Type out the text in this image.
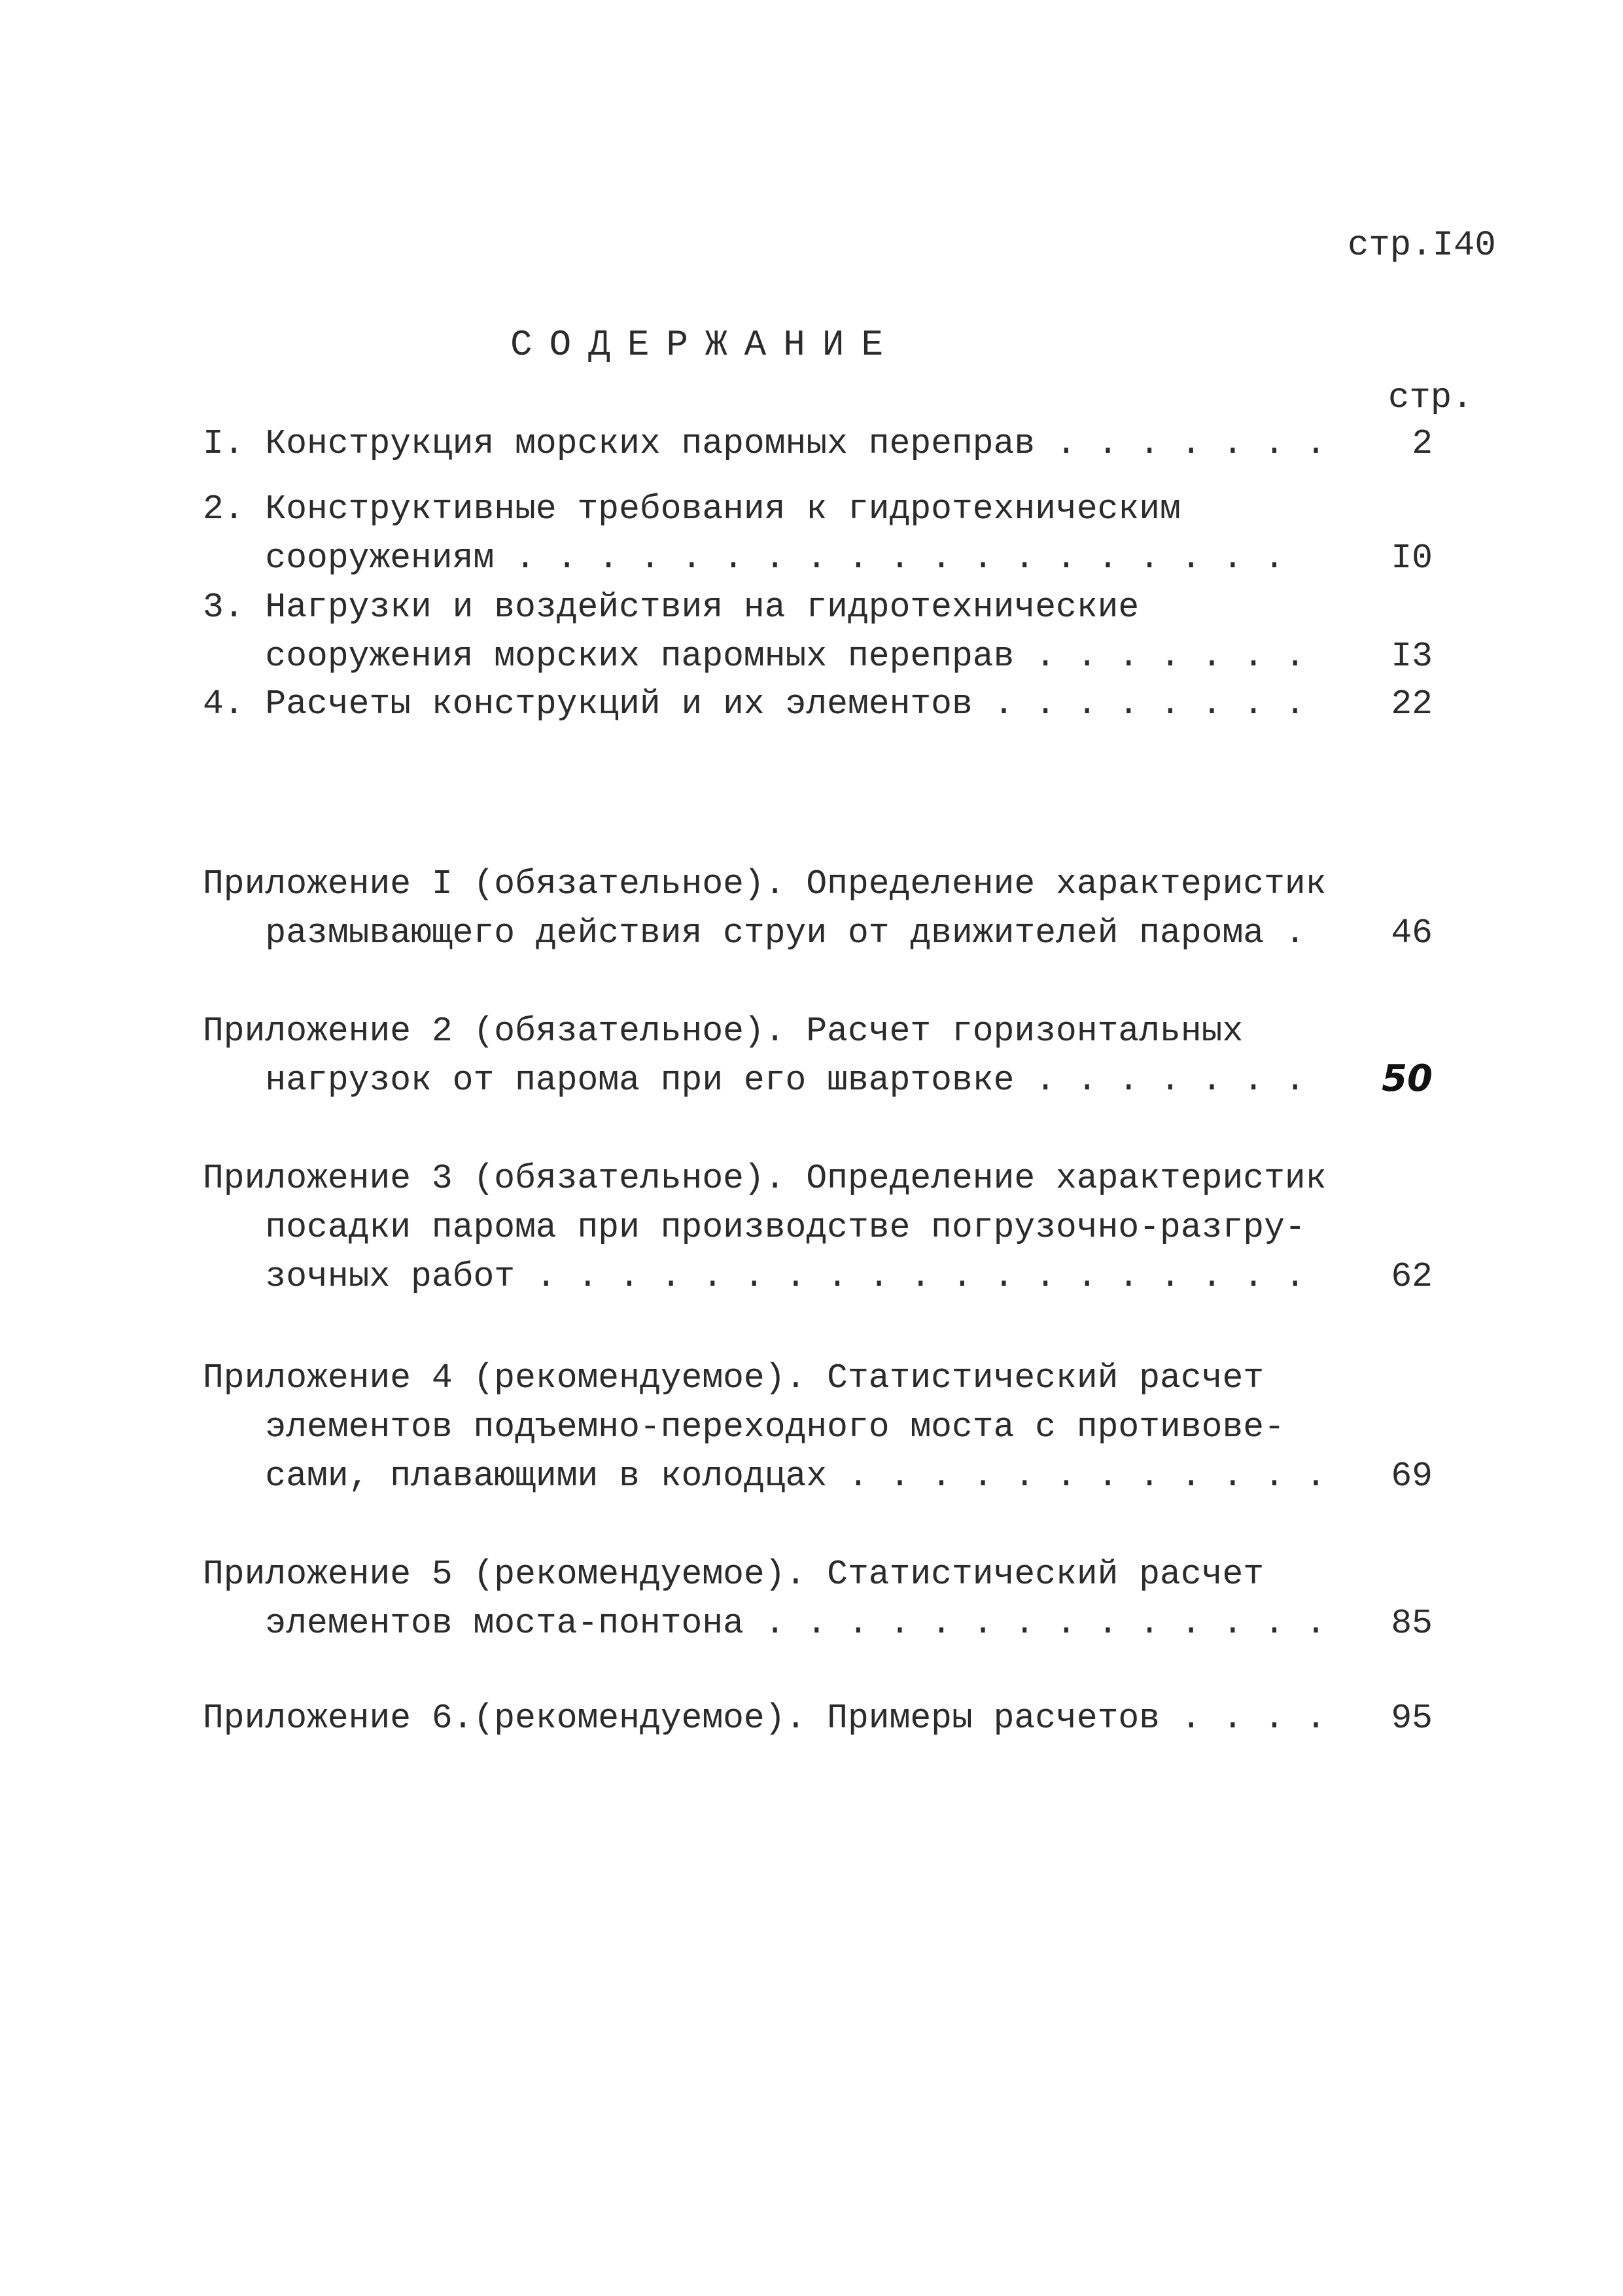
стр.I40
СОДЕРЖАНИЕ
стр.
I. Конструкция морских паромных переправ . . . . . . .	2
2. Конструктивные требования к гидротехническим
сооружениям . . . . . . . . . . . . . . . . . . .	I0
3. Нагрузки и воздействия на гидротехнические
сооружения морских паромных переправ . . . . . . .	I3
4. Расчеты конструкций и их элементов . . . . . . . .	22
Приложение I (обязательное). Определение характеристик
размывающего действия струи от движителей парома .	46
Приложение 2 (обязательное). Расчет горизонтальных
нагрузок от парома при его швартовке . . . . . . .	50
Приложение 3 (обязательное). Определение характеристик
посадки парома при производстве погрузочно-разгру-
зочных работ . . . . . . . . . . . . . . . . . . .	62
Приложение 4 (рекомендуемое). Статистический расчет
элементов подъемно-переходного моста с противове-
сами, плавающими в колодцах . . . . . . . . . . . .	69
Приложение 5 (рекомендуемое). Статистический расчет
элементов моста-понтона . . . . . . . . . . . . . .	85
Приложение 6.(рекомендуемое). Примеры расчетов . . . .	95
